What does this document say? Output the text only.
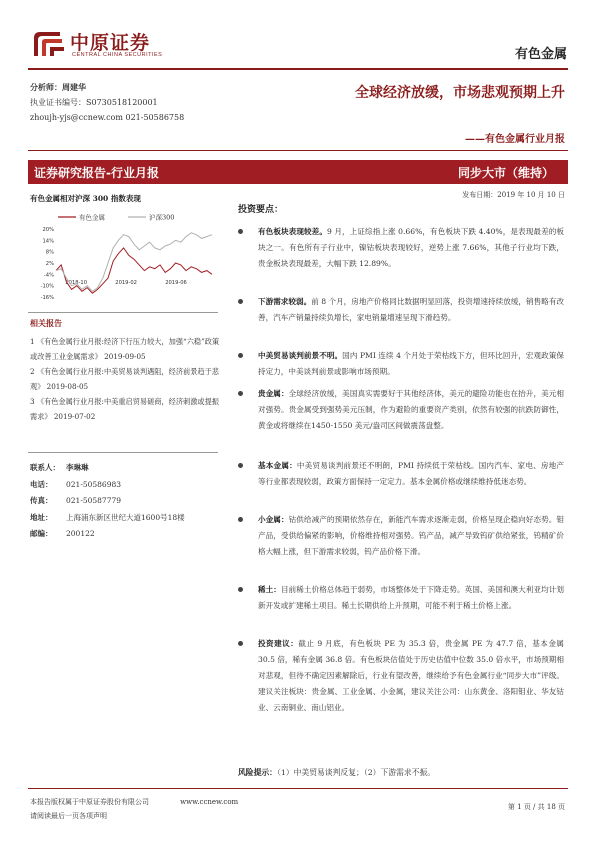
中原证券
CENTRAL CHINA SECURITIES	有色金属
分析师：周建华
执业证书编号：S0730518120001
zhoujh-yjs@ccnew.com 021-50586758
全球经济放缓，市场悲观预期上升
——有色金属行业月报
证券研究报告-行业月报	同步大市（维持）
发布日期：2019 年 10 月 10 日
有色金属相对沪深 300 指数表现
有色金属	沪深300
20%
14%
8%
2%
-4%
-10%
-16%
2018-10	2019-02	2019-06
相关报告
1 《有色金属行业月报:经济下行压力较大，加强“六稳”政策或改善工业金属需求》 2019-09-05
2 《有色金属行业月报:中美贸易谈判遇阻，经济前景趋于悲观》 2019-08-05
3 《有色金属行业月报:中美重启贸易磋商，经济刺激或提振需求》 2019-07-02
联系人： 李琳琳
电话： 021-50586983
传真： 021-50587779
地址： 上海浦东新区世纪大道1600号18楼
邮编： 200122
投资要点：
有色板块表现较差。9 月，上证综指上涨 0.66%，有色板块下跌 4.40%，是表现最差的板块之一。有色所有子行业中，镍钴板块表现较好，逆势上涨 7.66%，其他子行业均下跌，贵金板块表现最差，大幅下跌 12.89%。
下游需求较弱。前 8 个月，房地产价格同比数据明显回落，投资增速持续放缓，销售略有改善，汽车产销量持续负增长，家电销量增速呈现下滑趋势。
中美贸易谈判前景不明。国内 PMI 连续 4 个月处于荣枯线下方，但环比回升，宏观政策保持定力，中美谈判前景或影响市场预期。
贵金属：全球经济放缓，美国真实需要好于其他经济体，美元的避险功能也在抬升，美元相对强势。贵金属受到强势美元压制，作为避险的重要资产类别，依然有较强的抗跌防御性，黄金或将继续在1450-1550 美元/盎司区间做震荡盘整。
基本金属：中美贸易谈判前景还不明朗，PMI 持续低于荣枯线。国内汽车、家电、房地产等行业都表现较弱，政策方面保持一定定力。基本金属价格或继续维持低迷态势。
小金属：钴供给减产的预期依然存在，新能汽车需求逐渐走弱，价格呈现企稳向好态势。钼产品，受供给偏紧的影响，价格维持相对强势。钨产品，减产导致钨矿供给紧张，钨精矿价格大幅上涨，但下游需求较弱，钨产品价格下滑。
稀土：目前稀土价格总体趋于弱势，市场整体处于下降走势。英国、美国和澳大利亚均计划新开发或扩建稀土项目。稀土长期供给上升预期，可能不利于稀土价格上涨。
投资建议：截止 9 月底，有色板块 PE 为 35.3 倍，贵金属 PE 为 47.7 倍，基本金属 30.5 倍，稀有金属 36.8 倍。有色板块估值处于历史估值中位数 35.0 倍水平，市场预期相对悲观，但待不确定因素解除后，行业有望改善，继续给予有色金属行业“同步大市”评级。建议关注板块：贵金属、工业金属、小金属，建议关注公司：山东黄金、洛阳钼业、华友钴业、云南铜业、南山铝业。
风险提示：（1）中美贸易谈判反复；（2）下游需求不振。
本报告版权属于中原证券股份有限公司              www.ccnew.com
请阅读最后一页各项声明
第 1 页 / 共 18 页
